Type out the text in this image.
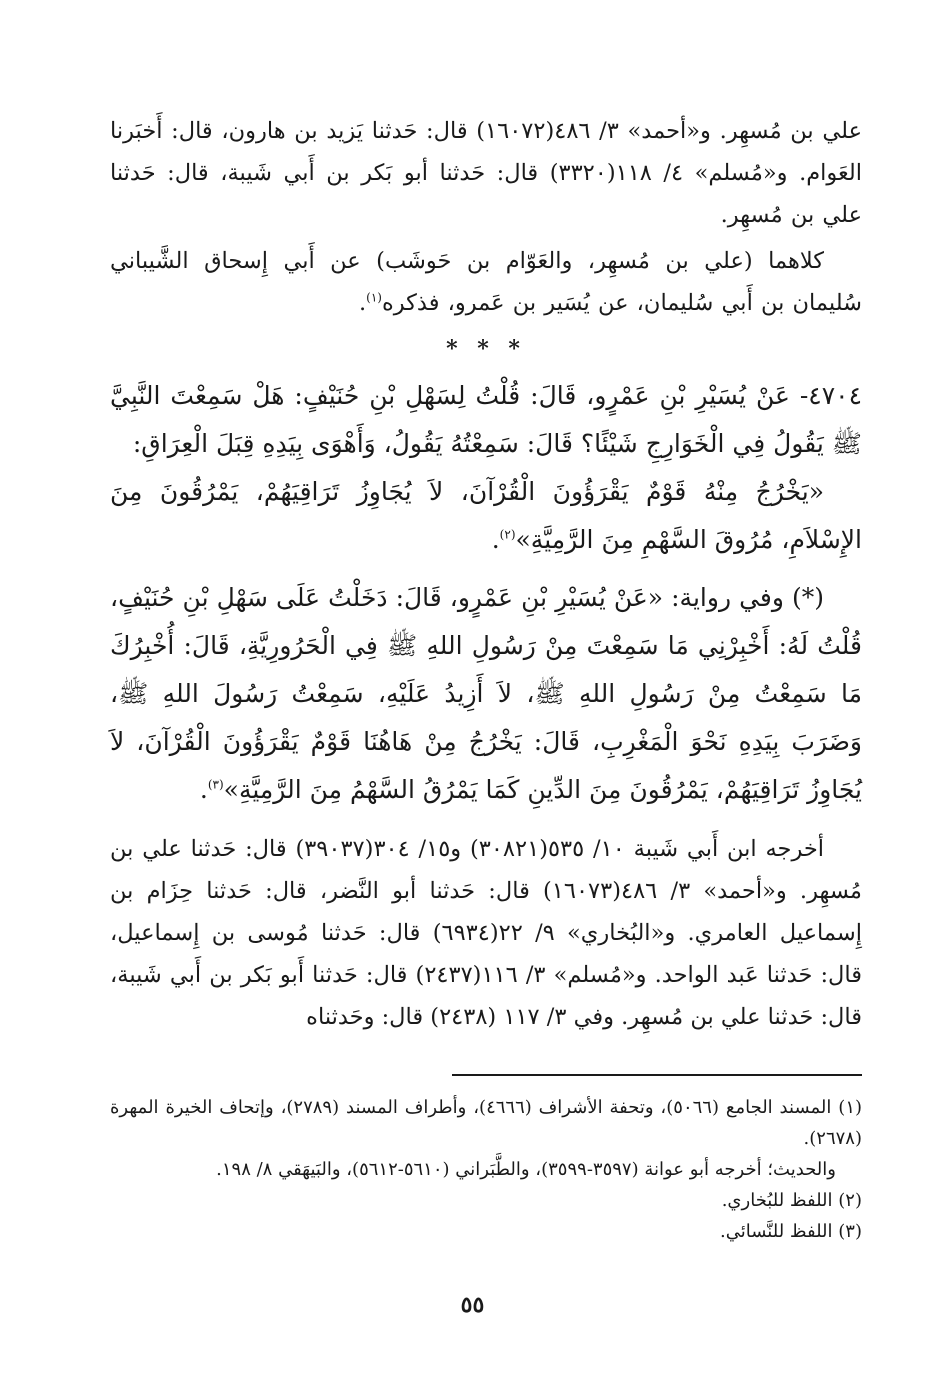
علي بن مُسهِر. و«أحمد» ٣/ ٤٨٦(١٦٠٧٢) قال: حَدثنا يَزيد بن هارون، قال: أَخبَرنا العَوام. و«مُسلم» ٤/ ١١٨(٣٣٢٠) قال: حَدثنا أبو بَكر بن أَبي شَيبة، قال: حَدثنا علي بن مُسهِر.

كلاهما (علي بن مُسهِر، والعَوّام بن حَوشَب) عن أَبي إِسحاق الشَّيباني سُليمان بن أَبي سُليمان، عن يُسَير بن عَمرو، فذكره$^{(١)}$.

* * *

٤٧٠٤- عَنْ يُسَيْرِ بْنِ عَمْرٍو، قَالَ: قُلْتُ لِسَهْلِ بْنِ حُنَيْفٍ: هَلْ سَمِعْتَ النَّبِيَّ ﷺ يَقُولُ فِي الْخَوَارِجِ شَيْئًا؟ قَالَ: سَمِعْتُهُ يَقُولُ، وَأَهْوَى بِيَدِهِ قِبَلَ الْعِرَاقِ:

«يَخْرُجُ مِنْهُ قَوْمٌ يَقْرَؤُونَ الْقُرْآنَ، لاَ يُجَاوِزُ تَرَاقِيَهُمْ، يَمْرُقُونَ مِنَ الإِسْلاَمِ، مُرُوقَ السَّهْمِ مِنَ الرَّمِيَّةِ»$^{(٢)}$.

(*) وفي رواية: «عَنْ يُسَيْرِ بْنِ عَمْرٍو، قَالَ: دَخَلْتُ عَلَى سَهْلِ بْنِ حُنَيْفٍ، قُلْتُ لَهُ: أَخْبِرْنِي مَا سَمِعْتَ مِنْ رَسُولِ اللهِ ﷺ فِي الْحَرُورِيَّةِ، قَالَ: أُخْبِرُكَ مَا سَمِعْتُ مِنْ رَسُولِ اللهِ ﷺ، لاَ أَزِيدُ عَلَيْهِ، سَمِعْتُ رَسُولَ اللهِ ﷺ، وَضَرَبَ بِيَدِهِ نَحْوَ الْمَغْرِبِ، قَالَ: يَخْرُجُ مِنْ هَاهُنَا قَوْمٌ يَقْرَؤُونَ الْقُرْآنَ، لاَ يُجَاوِزُ تَرَاقِيَهُمْ، يَمْرُقُونَ مِنَ الدِّينِ كَمَا يَمْرُقُ السَّهْمُ مِنَ الرَّمِيَّةِ»$^{(٣)}$.

أخرجه ابن أَبي شَيبة ١٠/ ٥٣٥(٣٠٨٢١) و١٥/ ٣٠٤(٣٩٠٣٧) قال: حَدثنا علي بن مُسهِر. و«أحمد» ٣/ ٤٨٦(١٦٠٧٣) قال: حَدثنا أبو النَّضر، قال: حَدثنا حِزَام بن إِسماعيل العامري. و«البُخاري» ٩/ ٢٢(٦٩٣٤) قال: حَدثنا مُوسى بن إِسماعيل، قال: حَدثنا عَبد الواحد. و«مُسلم» ٣/ ١١٦(٢٤٣٧) قال: حَدثنا أَبو بَكر بن أَبي شَيبة، قال: حَدثنا علي بن مُسهِر. وفي ٣/ ١١٧ (٢٤٣٨) قال: وحَدثناه

(١) المسند الجامع (٥٠٦٦)، وتحفة الأشراف (٤٦٦٦)، وأطراف المسند (٢٧٨٩)، وإتحاف الخيرة المهرة (٢٦٧٨).

والحديث؛ أخرجه أبو عوانة (٣٥٩٧-٣٥٩٩)، والطَّبَراني (٥٦١٠-٥٦١٢)، والبَيهَقي ٨/ ١٩٨.

(٢) اللفظ للبُخاري.

(٣) اللفظ للنَّسائي.

٥٥
